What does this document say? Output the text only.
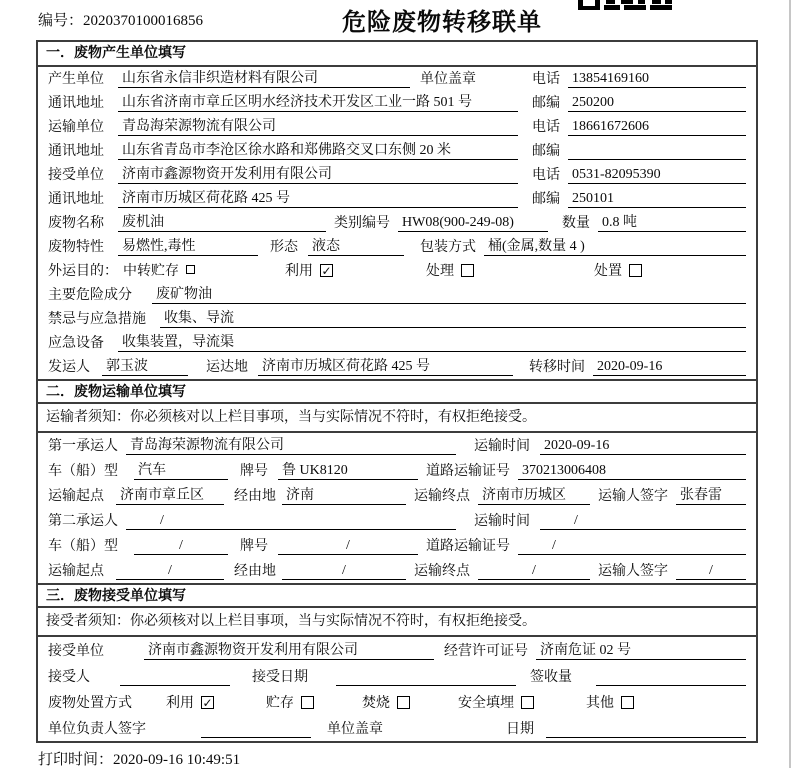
编号：2020370100016856	危险废物转移联单
一．废物产生单位填写
产生单位 山东省永信非织造材料有限公司	单位盖章	电话 13854169160
通讯地址 山东省济南市章丘区明水经济技术开发区工业一路 501 号	邮编 250200
运输单位 青岛海荣源物流有限公司	电话 18661672606
通讯地址 山东省青岛市李沧区徐水路和郑佛路交叉口东侧 20 米	邮编
接受单位 济南市鑫源物资开发利用有限公司	电话 0531-82095390
通讯地址 济南市历城区荷花路 425 号	邮编 250101
废物名称 废机油	类别编号 HW08(900-249-08)	数量 0.8 吨
废物特性 易燃性,毒性	形态 液态	包装方式 桶(金属,数量 4 )
外运目的： 中转贮存	利用 ✓	处理	处置
主要危险成分 废矿物油
禁忌与应急措施 收集、导流
应急设备 收集装置，导流渠
发运人 郭玉波	运达地 济南市历城区荷花路 425 号	转移时间 2020-09-16
二．废物运输单位填写
运输者须知：你必须核对以上栏目事项，当与实际情况不符时，有权拒绝接受。
第一承运人 青岛海荣源物流有限公司	运输时间 2020-09-16
车（船）型 汽车	牌号 鲁 UK8120	道路运输证号 370213006408
运输起点 济南市章丘区	经由地 济南	运输终点 济南市历城区	运输人签字 张春雷
第二承运人	/	运输时间	/
车（船）型	/	牌号	/	道路运输证号	/
运输起点	/	经由地	/	运输终点	/	运输人签字	/
三．废物接受单位填写
接受者须知：你必须核对以上栏目事项，当与实际情况不符时，有权拒绝接受。
接受单位	济南市鑫源物资开发利用有限公司	经营许可证号 济南危证 02 号
接受人	接受日期	签收量
废物处置方式 利用 ✓	贮存	焚烧	安全填埋	其他
单位负责人签字	单位盖章	日期
打印时间：2020-09-16 10:49:51
